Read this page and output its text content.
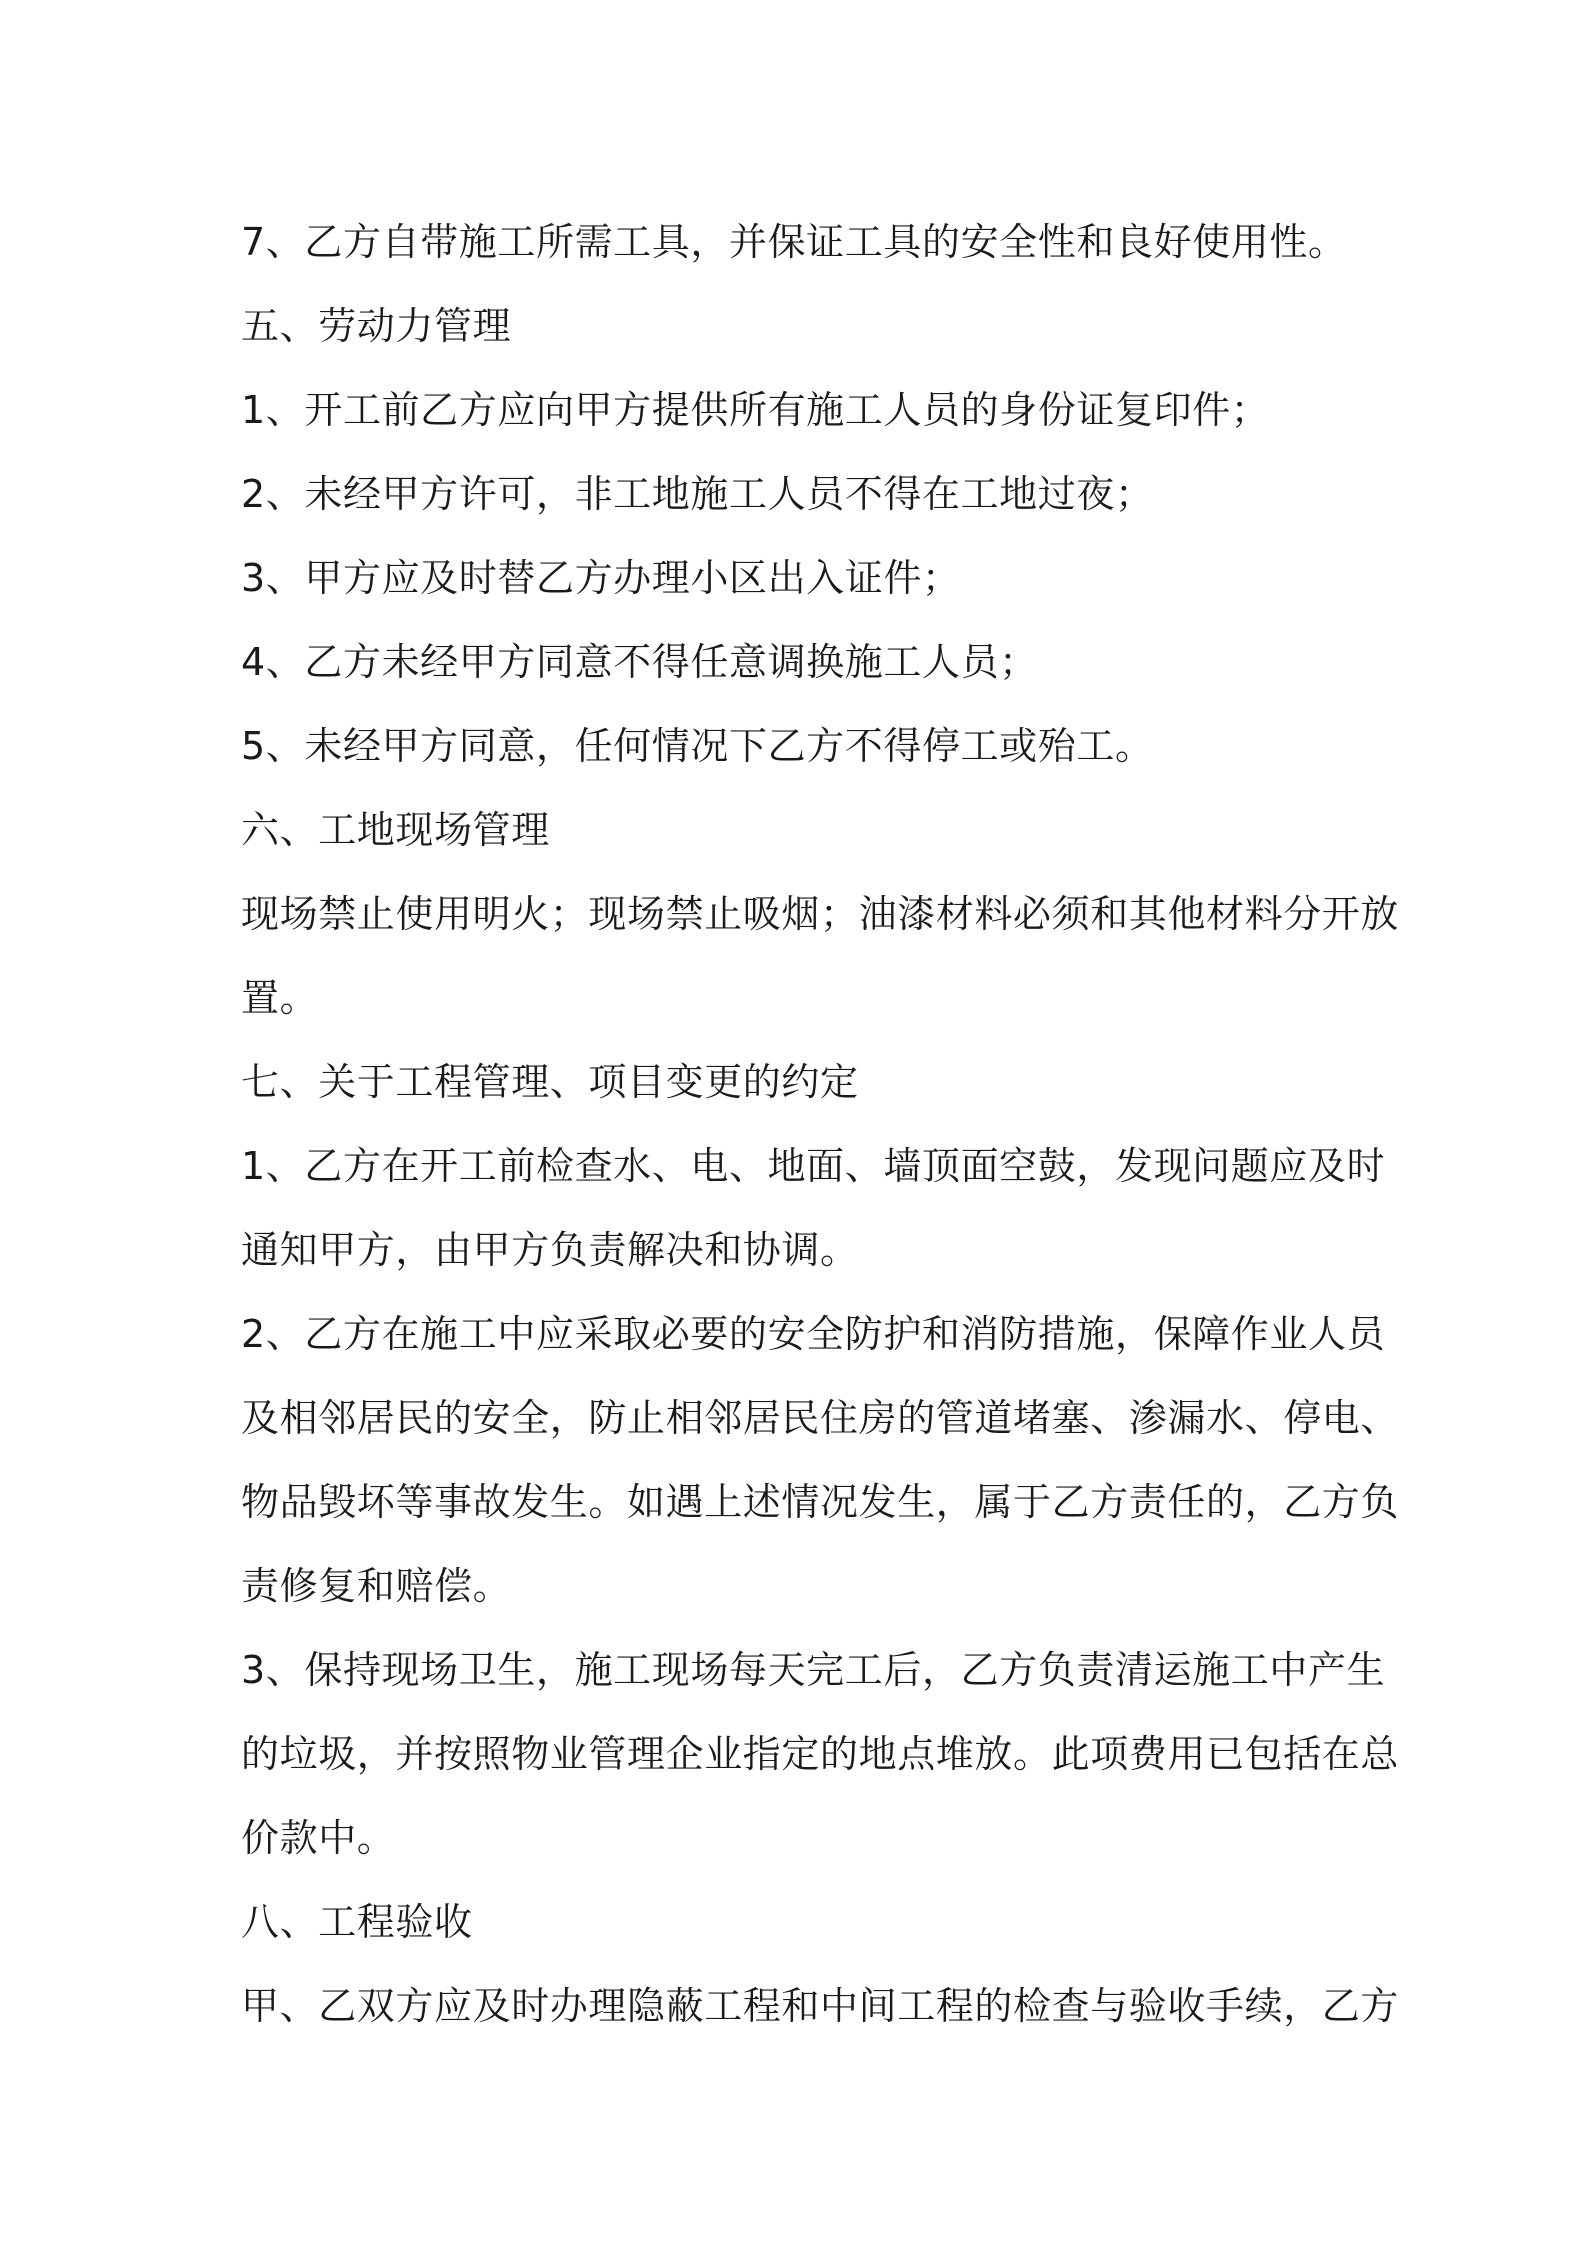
7、乙方自带施工所需工具，并保证工具的安全性和良好使用性。
五、劳动力管理
1、开工前乙方应向甲方提供所有施工人员的身份证复印件；
2、未经甲方许可，非工地施工人员不得在工地过夜；
3、甲方应及时替乙方办理小区出入证件；
4、乙方未经甲方同意不得任意调换施工人员；
5、未经甲方同意，任何情况下乙方不得停工或殆工。
六、工地现场管理
现场禁止使用明火；现场禁止吸烟；油漆材料必须和其他材料分开放
置。
七、关于工程管理、项目变更的约定
1、乙方在开工前检查水、电、地面、墙顶面空鼓，发现问题应及时
通知甲方，由甲方负责解决和协调。
2、乙方在施工中应采取必要的安全防护和消防措施，保障作业人员
及相邻居民的安全，防止相邻居民住房的管道堵塞、渗漏水、停电、
物品毁坏等事故发生。如遇上述情况发生，属于乙方责任的，乙方负
责修复和赔偿。
3、保持现场卫生，施工现场每天完工后，乙方负责清运施工中产生
的垃圾，并按照物业管理企业指定的地点堆放。此项费用已包括在总
价款中。
八、工程验收
甲、乙双方应及时办理隐蔽工程和中间工程的检查与验收手续，乙方
